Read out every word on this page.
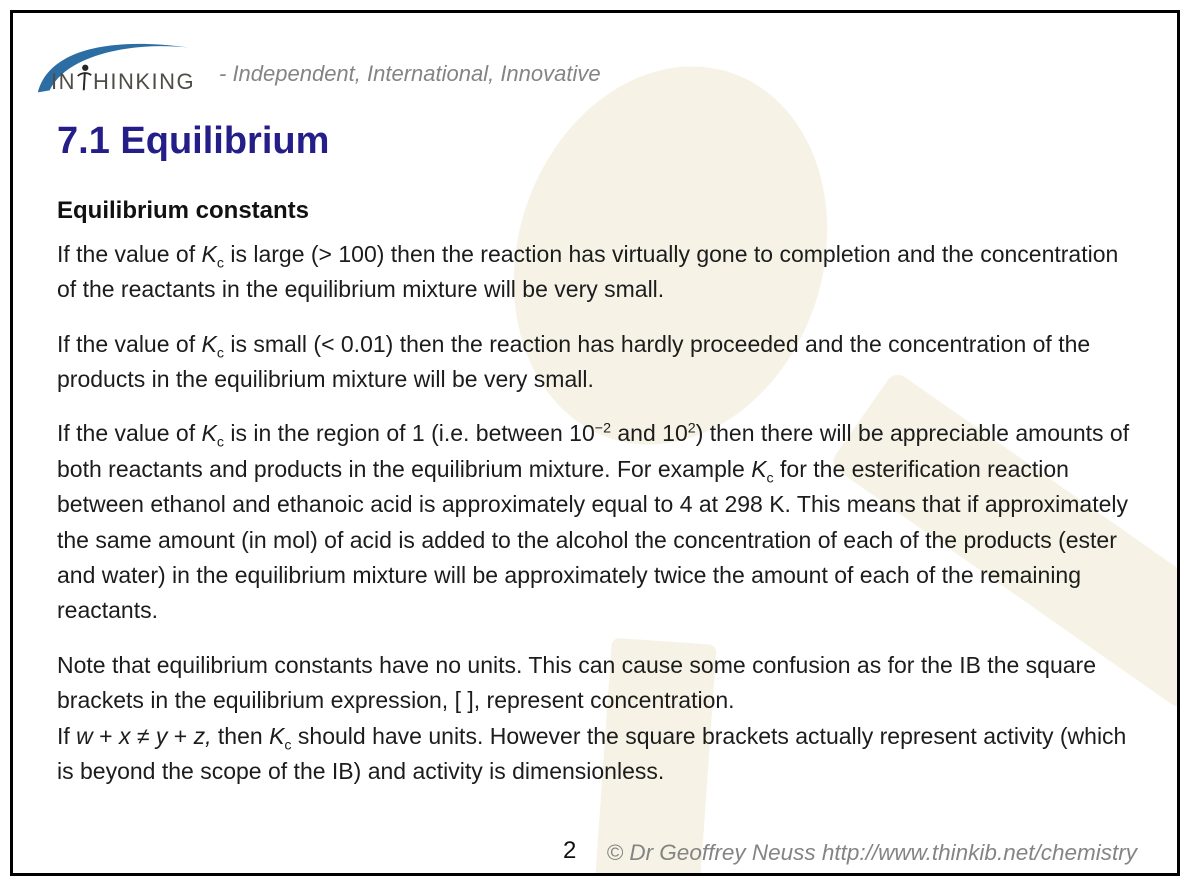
IN HINKING - Independent, International, Innovative
7.1 Equilibrium
Equilibrium constants

If the value of $K_c$ is large (> 100) then the reaction has virtually gone to completion and the concentration of the reactants in the equilibrium mixture will be very small.

If the value of $K_c$ is small (< 0.01) then the reaction has hardly proceeded and the concentration of the products in the equilibrium mixture will be very small.

If the value of $K_c$ is in the region of 1 (i.e. between $10^{-2}$ and $10^2$) then there will be appreciable amounts of both reactants and products in the equilibrium mixture. For example $K_c$ for the esterification reaction between ethanol and ethanoic acid is approximately equal to 4 at 298 K. This means that if approximately the same amount (in mol) of acid is added to the alcohol the concentration of each of the products (ester and water) in the equilibrium mixture will be approximately twice the amount of each of the remaining reactants.

Note that equilibrium constants have no units. This can cause some confusion as for the IB the square brackets in the equilibrium expression, [ ], represent concentration.
If w + x ≠ y + z, then $K_c$ should have units. However the square brackets actually represent activity (which is beyond the scope of the IB) and activity is dimensionless.

2 © Dr Geoffrey Neuss http://www.thinkib.net/chemistry
